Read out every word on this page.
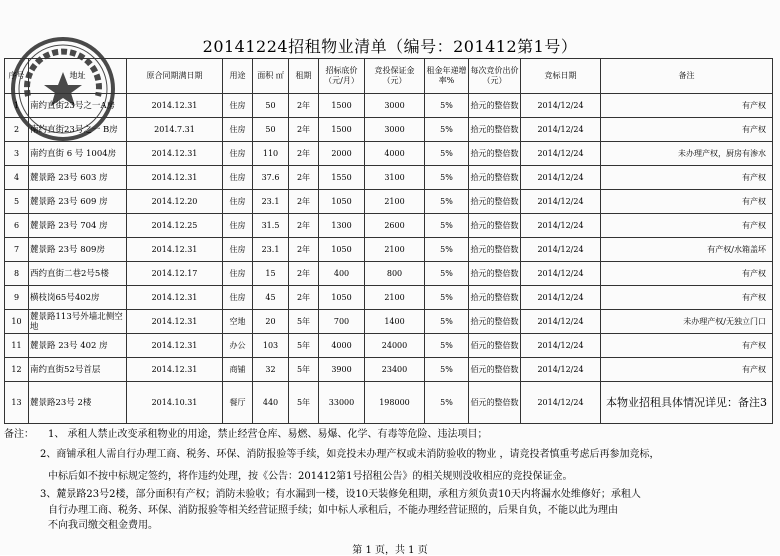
20141224招租物业清单（编号：201412第1号）
序号	地址	原合同期满日期	用途	面积 ㎡	租期	招标底价（元/月）	竞投保证金（元）	租金年递增率%	每次竞价出价（元）	竞标日期	备注
1	南约直街23号之一A房	2014.12.31	住房	50	2年	1500	3000	5%	拾元的整倍数	2014/12/24	有产权
2	南约直街23号之一 B房	2014.7.31	住房	50	2年	1500	3000	5%	拾元的整倍数	2014/12/24	有产权
3	南约直街 6 号 1004房	2014.12.31	住房	110	2年	2000	4000	5%	拾元的整倍数	2014/12/24	未办理产权，厨房有渗水
4	麓景路 23号 603 房	2014.12.31	住房	37.6	2年	1550	3100	5%	拾元的整倍数	2014/12/24	有产权
5	麓景路 23号 609 房	2014.12.20	住房	23.1	2年	1050	2100	5%	拾元的整倍数	2014/12/24	有产权
6	麓景路 23号 704 房	2014.12.25	住房	31.5	2年	1300	2600	5%	拾元的整倍数	2014/12/24	有产权
7	麓景路 23号 809房	2014.12.31	住房	23.1	2年	1050	2100	5%	拾元的整倍数	2014/12/24	有产权/水箱盖坏
8	西约直街二巷2号5楼	2014.12.17	住房	15	2年	400	800	5%	拾元的整倍数	2014/12/24	有产权
9	横枝岗65号402房	2014.12.31	住房	45	2年	1050	2100	5%	拾元的整倍数	2014/12/24	有产权
10	麓景路113号外墙北侧空地	2014.12.31	空地	20	5年	700	1400	5%	拾元的整倍数	2014/12/24	未办理产权/无独立门口
11	麓景路 23号 402 房	2014.12.31	办公	103	5年	4000	24000	5%	佰元的整倍数	2014/12/24	有产权
12	南约直街52号首层	2014.12.31	商铺	32	5年	3900	23400	5%	佰元的整倍数	2014/12/24	有产权
13	麓景路23号 2楼	2014.10.31	餐厅	440	5年	33000	198000	5%	佰元的整倍数	2014/12/24	本物业招租具体情况详见：备注3
备注： 1、 承租人禁止改变承租物业的用途，禁止经营仓库、易燃、易爆、化学、有毒等危险、违法项目；
2、商铺承租人需自行办理工商、税务、环保、消防报验等手续，如竞投未办理产权或未消防验收的物业 ，请竞投者慎重考虑后再参加竞标，
中标后如不按中标规定签约，将作违约处理，按《公告：201412第1号招租公告》的相关规则没收相应的竞投保证金。
3、麓景路23号2楼，部分面积有产权；消防未验收；有水漏到一楼，设10天装修免租期，承租方须负责10天内将漏水处维修好；承租人
自行办理工商、税务、环保、消防报验等相关经营证照手续；如中标人承租后，不能办理经营证照的，后果自负，不能以此为理由
不向我司缴交租金费用。
第 1 页，共 1 页
